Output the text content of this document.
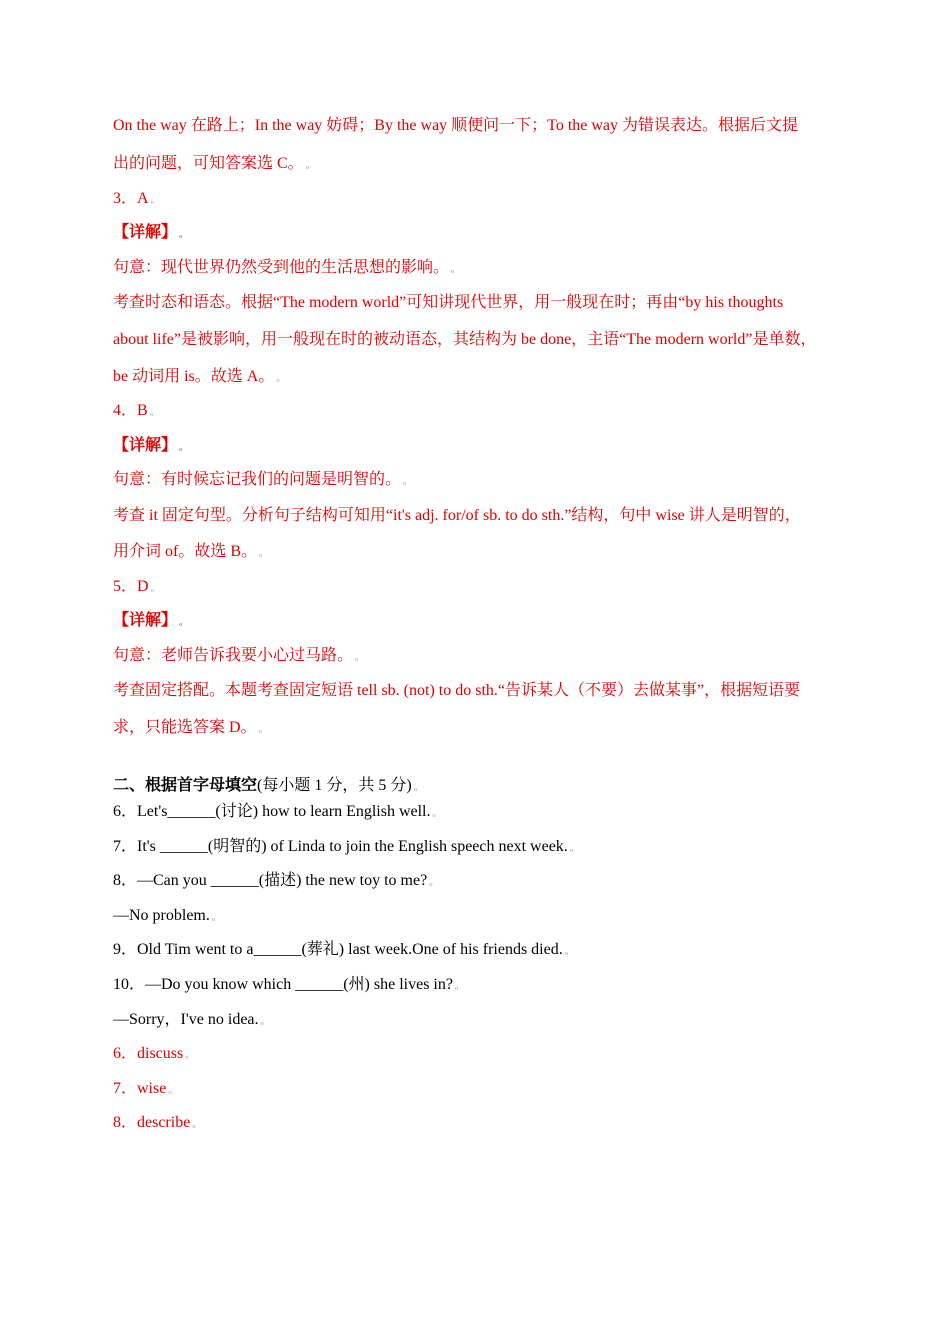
On the way 在路上；In the way 妨碍；By the way 顺便问一下；To the way 为错误表达。根据后文提
出的问题，可知答案选 C。 ₒ
3．A ₒ
【详解】 ₒ
句意：现代世界仍然受到他的生活思想的影响。 ₒ
考查时态和语态。根据“The modern world”可知讲现代世界，用一般现在时；再由“by his thoughts
about life”是被影响，用一般现在时的被动语态，其结构为 be done，主语“The modern world”是单数，
be 动词用 is。故选 A。 ₒ
4．B ₒ
【详解】 ₒ
句意：有时候忘记我们的问题是明智的。 ₒ
考查 it 固定句型。分析句子结构可知用“it's adj. for/of sb. to do sth.”结构，句中 wise 讲人是明智的，
用介词 of。故选 B。 ₒ
5．D ₒ
【详解】 ₒ
句意：老师告诉我要小心过马路。 ₒ
考查固定搭配。本题考查固定短语 tell sb. (not) to do sth.“告诉某人（不要）去做某事”，根据短语要
求，只能选答案 D。 ₒ
二、根据首字母填空(每小题 1 分，共 5 分) ₒ
6．Let's______(讨论) how to learn English well. ₒ
7．It's ______(明智的) of Linda to join the English speech next week. ₒ
8．—Can you ______(描述) the new toy to me? ₒ
—No problem. ₒ
9．Old Tim went to a______(葬礼) last week.One of his friends died. ₒ
10．—Do you know which ______(州) she lives in? ₒ
—Sorry，I've no idea. ₒ
6．discuss ₒ
7．wise ₒ
8．describe ₒ
